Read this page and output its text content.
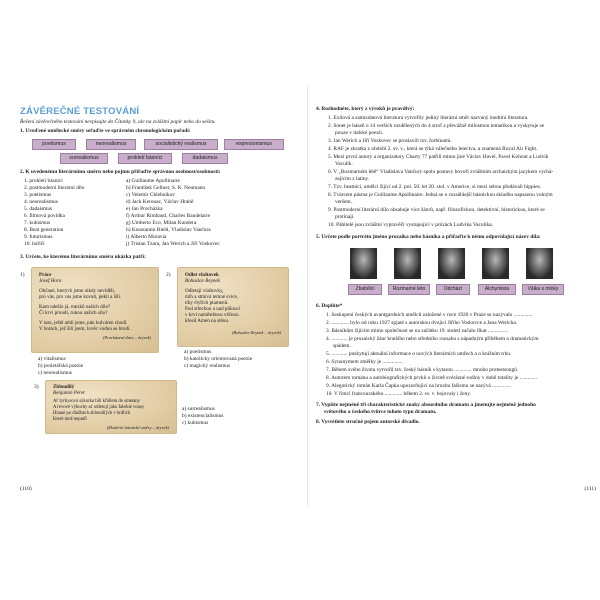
ZÁVĚREČNÉ TESTOVÁNÍ
Řešení závěrečného testování nevpisujte do Čítanky 9, ale na zvláštní papír nebo do sešitu.
1. Uveďené umělecké směry seřaďte ve správném chronologickém pořadí:
poetismus	neorealismus	socialistický realismus	expresionismus
surrealismus	prokletí básníci	dadaismus
2. K uvedenému literárnímu směru nebo pojmu přiřaďte správnou osobnost/osobnosti:
1. prokletí básníci
2. postmoderní literární dílo
3. poetismus
4. neorealismus
5. dadaismus
6. filmová povídka
7. kubismus
8. Beat generation
9. futurismus
10. buřiči
a) Guillaume Apollinaire
b) František Gellner, S. K. Neumann
c) Velemir Chlebnikov
d) Jack Kerouac, Václav Hrabě
e) Jan Procházka
f) Arthur Rimbaud, Charles Baudelaire
g) Umberto Eco, Milan Kundera
h) Konstantin Biebl, Vladislav Vančura
i) Alberto Moravia
j) Tristan Tzara, Jan Werich a Jiří Voskovec
3. Určete, ke kterému literárnímu směru ukázka patří:
1)	Práce
Josef Hora
Občané, kterých jsme nikdy neviděli,
pro vás, pro vás jsme kovali, pekli a šili.
Kam odešlo já, mezků našich dílo?
Či krví proudí, rukou našich sílo?
V tatu, ještě athli jsme, pán bulváren chodí.
V botách, jež šili jsem, lověc vodou se brodí.
(Procházení dnes – úryvek)
a) vitalismus
b) proletářská poezie
c) neorealismus
2)	Odlet vlaštovek
Bohuslav Reynek
Odletají vlaštovky,
mlh a stmívá temné svíce,
tíhy čtyřích plamenů.
Pod střechou a nad půlnocí
v krvi naměstěnou věčnou
křesil Amen na stěnu.
(Bohuslav Reynek – úryvek)
a) poetismus
b) katolicky orientovaná poezie
c) magický realismus
3)	Zbloudilý
Benjamin Péret
Ať tyrkysová sýkorka bílí křídlem do smetany
A revové výbuchy ať odletují jako falešné vousy
Hnané po dlažbách zbloudilých v hrdlích
Které mně nepatří
(Moderní básnické směry – úryvek)
a) surrealismus
b) existencialismus
c) kubismus
(110)
4. Rozhodněte, který z výroků je pravdivý:
1. Exilová a samizdatová literatura vytvořily jediný literární směr nazvaný inedtiní literatura.
2. Sonet je báseň o 14 verších rozdělených do 4 strof a převážně milostnou tematikou a vyskytuje se
pouze v italské poezii.
3. Jan Werich a Jiří Voskovec se proslavili tzv. forbínami.
4. RAF je zkratka z období 2. sv. v., která se týká válečného letectva, a znamená Royal Air Fight.
5. Mezi první autory a organizátory Charty 77 patřili mimo jiné Václav Havel, Pavel Kohout a Ludvík
Vaculík.
6. V „Rozmarném létě“ Vladislava Vančury spolu postavy hovoří zvláštním archaickým jazykem vychá-
zejícím z latiny.
7. Tzv. beatnici, umělci žijící od 2. pol. 50. let 20. stol. v Americe, si mezi sebou předávali hippies.
8. Tvárcem pásma je Guillaume Apollinaire. Jedná se o rozsáhlejší básnickou skladbu napsanou volným
veršem.
9. Postmoderní literární dílo obsahuje více žánrů, např. filozofickou, detektivní, historickou, které se
protínají.
10. Pábitelé jsou zvláštní vypravěči vystupující v prózách Ludvíka Vaculíka.
5. Určete podle portrétu jméno prozaika nebo básníka a přiřaďte k němu odpovídající název díla:
Zbabělci	Rozmarné léto	Odchází	Alchymista	Válka s mloky
6. Doplňte*
1. Seskupení českých avantgardních umělců založené v roce 1920 v Praze se nazývalo ..............
2. ............. bylo od roku 1927 spjaté s autorskou dvojicí Jiřího Voskovce a Jana Wericha.
3. Básníkům žijícím mimo společnost se na začátku 19. století začalo říkat ...............
4. ............ je prozaický žánr kratšího nebo středního rozsahu s nápadným příběhem a dramatickým
spádem.
5. ............ poskytují aktuální informace o nových literárních umřech a o knižním trhu.
6. Synonymem změlky je ...............
7. Během svého života vytvořil tzv. český básník s kytarou ............. mnoho protestsongů.
8. Autorem románu a autobiografických prvků o životě svérázné rodiny v době totality je .............
9. Alegorický román Karla Čapka upozorňující na hrozbu fašismu se nazývá ..............
10. V římci francouzského ............. během 2. sv. v. bojovaly i ženy.
7. Vypište nejméně tři charakteristické znaky absurdního dramatu a jmenujte nejméně jednoho
světového a českého tvůrce tohoto typu dramatu.
8. Vysvětlete stručně pojem autorské divadlo.
(111)
